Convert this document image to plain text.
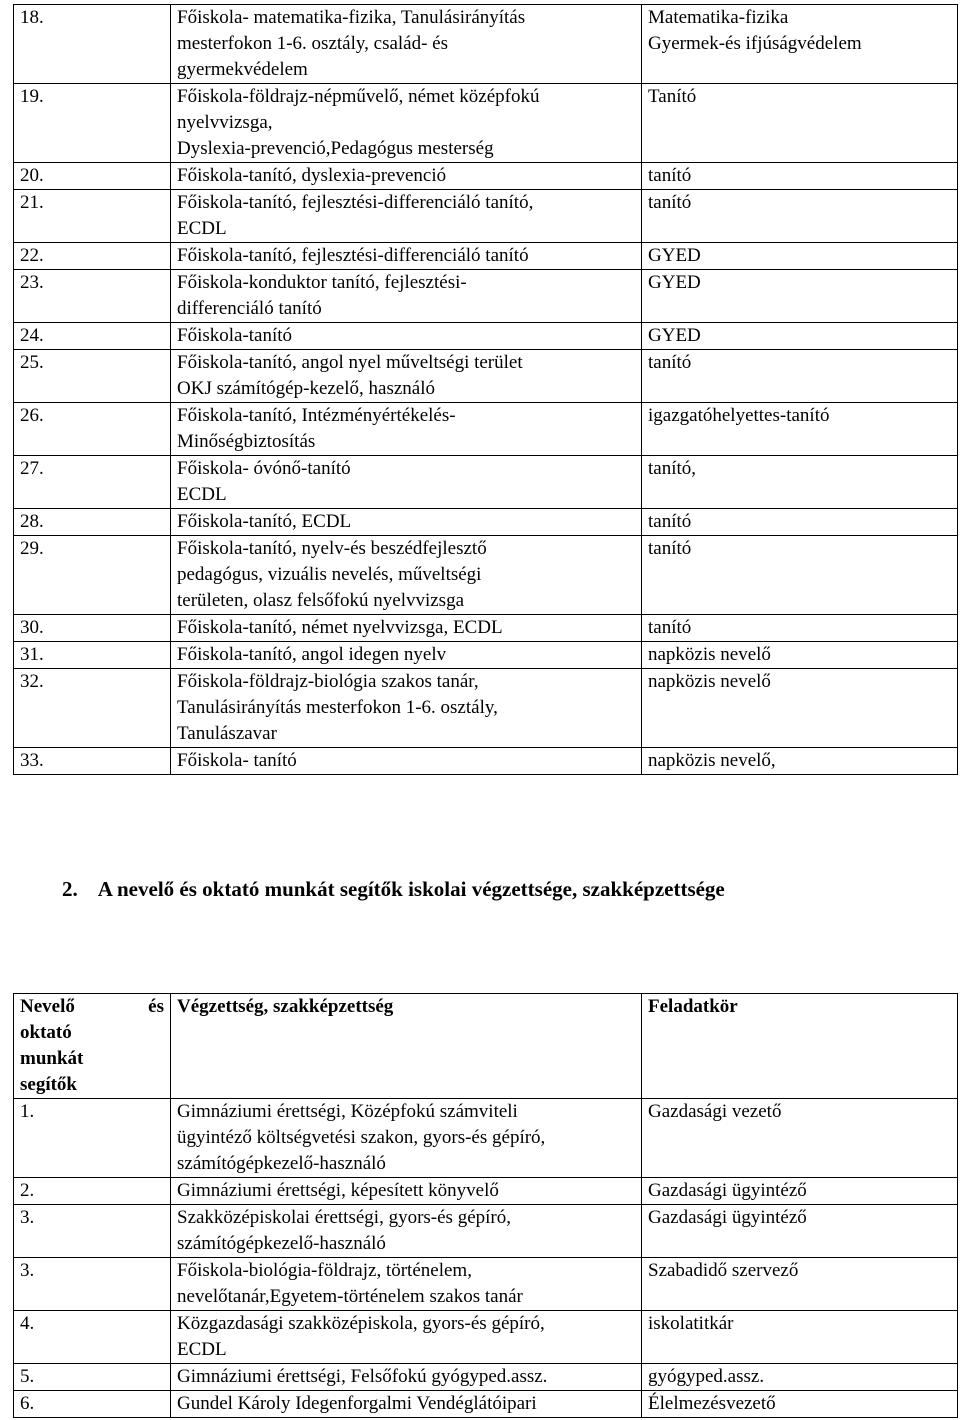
18.	Főiskola- matematika-fizika, Tanulásirányítás
mesterfokon 1-6. osztály, család- és
gyermekvédelem	Matematika-fizika
Gyermek-és ifjúságvédelem
19.	Főiskola-földrajz-népművelő, német középfokú
nyelvvizsga,
Dyslexia-prevenció,Pedagógus mesterség	Tanító
20.	Főiskola-tanító, dyslexia-prevenció	tanító
21.	Főiskola-tanító, fejlesztési-differenciáló tanító,
ECDL	tanító
22.	Főiskola-tanító, fejlesztési-differenciáló tanító	GYED
23.	Főiskola-konduktor tanító, fejlesztési-
differenciáló tanító	GYED
24.	Főiskola-tanító	GYED
25.	Főiskola-tanító, angol nyel műveltségi terület
OKJ számítógép-kezelő, használó	tanító
26.	Főiskola-tanító, Intézményértékelés-
Minőségbiztosítás	igazgatóhelyettes-tanító
27.	Főiskola- óvónő-tanító
ECDL	tanító,
28.	Főiskola-tanító, ECDL	tanító
29.	Főiskola-tanító, nyelv-és beszédfejlesztő
pedagógus, vizuális nevelés, műveltségi
területen, olasz felsőfokú nyelvvizsga	tanító
30.	Főiskola-tanító, német nyelvvizsga, ECDL	tanító
31.	Főiskola-tanító, angol idegen nyelv	napközis nevelő
32.	Főiskola-földrajz-biológia szakos tanár,
Tanulásirányítás mesterfokon 1-6. osztály,
Tanulászavar	napközis nevelő
33.	Főiskola- tanító	napközis nevelő,
2. A nevelő és oktató munkát segítők iskolai végzettsége, szakképzettsége
Nevelő és
oktató
munkát
segítők	Végzettség, szakképzettség	Feladatkör
1.	Gimnáziumi érettségi, Középfokú számviteli
ügyintéző költségvetési szakon, gyors-és gépíró,
számítógépkezelő-használó	Gazdasági vezető
2.	Gimnáziumi érettségi, képesített könyvelő	Gazdasági ügyintéző
3.	Szakközépiskolai érettségi, gyors-és gépíró,
számítógépkezelő-használó	Gazdasági ügyintéző
3.	Főiskola-biológia-földrajz, történelem,
nevelőtanár,Egyetem-történelem szakos tanár	Szabadidő szervező
4.	Közgazdasági szakközépiskola, gyors-és gépíró,
ECDL	iskolatitkár
5.	Gimnáziumi érettségi, Felsőfokú gyógyped.assz.	gyógyped.assz.
6.	Gundel Károly Idegenforgalmi Vendéglátóipari	Élelmezésvezető
